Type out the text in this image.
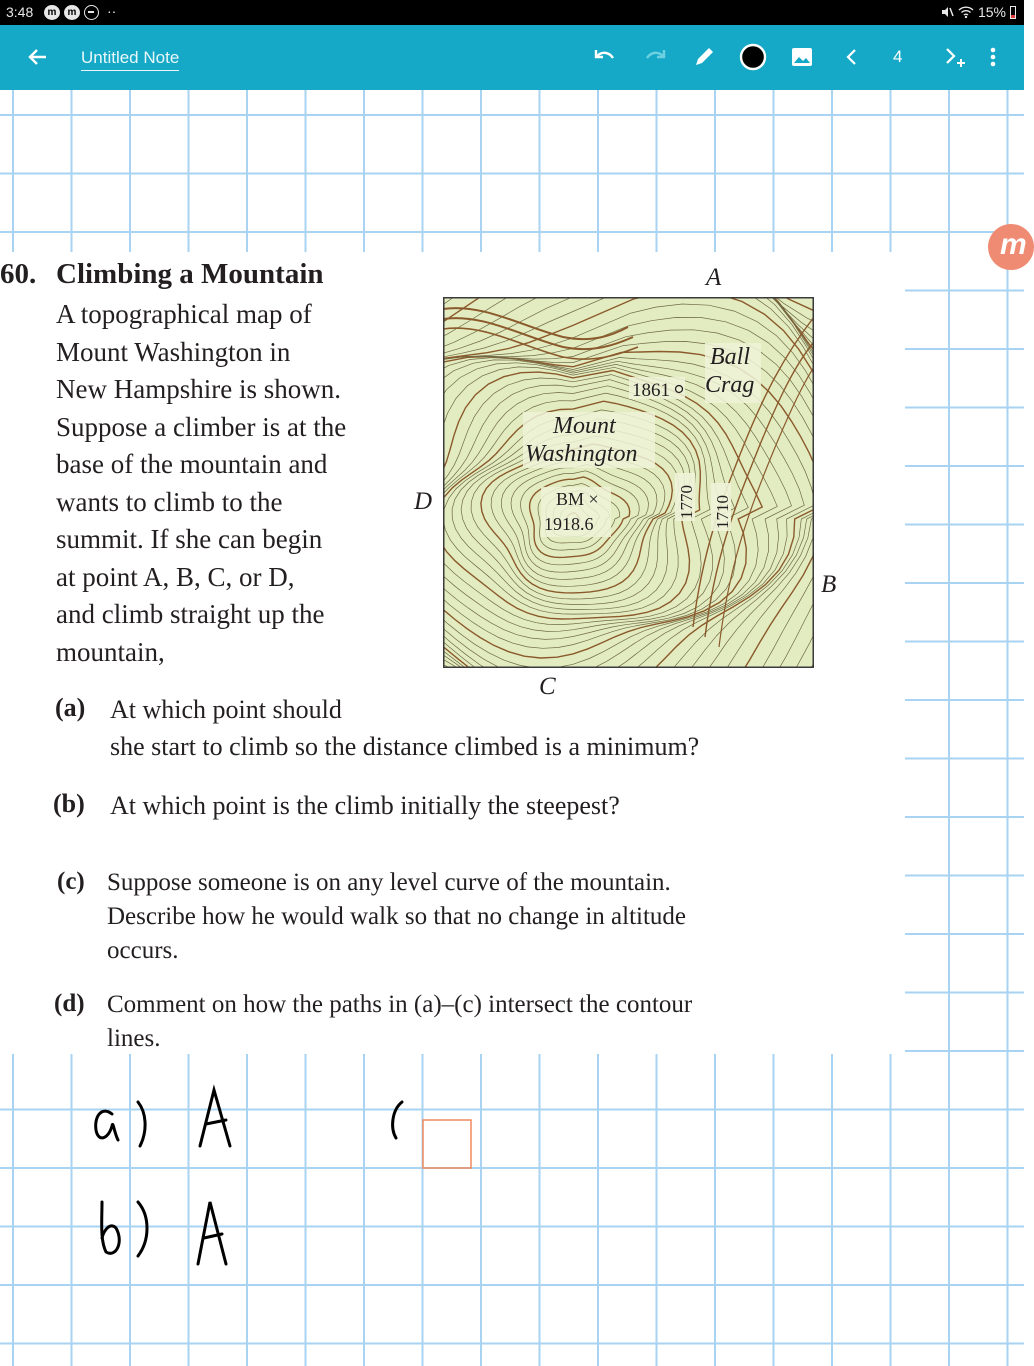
3:48	m	m ··	15%
Untitled Note	4
m
60. Climbing a Mountain
A topographical map of
Mount Washington in
New Hampshire is shown.
Suppose a climber is at the
base of the mountain and
wants to climb to the
summit. If she can begin
at point A, B, C, or D,
and climb straight up the
mountain,
(a) At which point should
she start to climb so the distance climbed is a minimum?
(b) At which point is the climb initially the steepest?
(c) Suppose someone is on any level curve of the mountain.
Describe how he would walk so that no change in altitude
occurs.
(d) Comment on how the paths in (a)–(c) intersect the contour
lines.
A
B
C
D
1861
Ball
Crag
Mount
Washington
BM ×
1918.6
1770 1710
